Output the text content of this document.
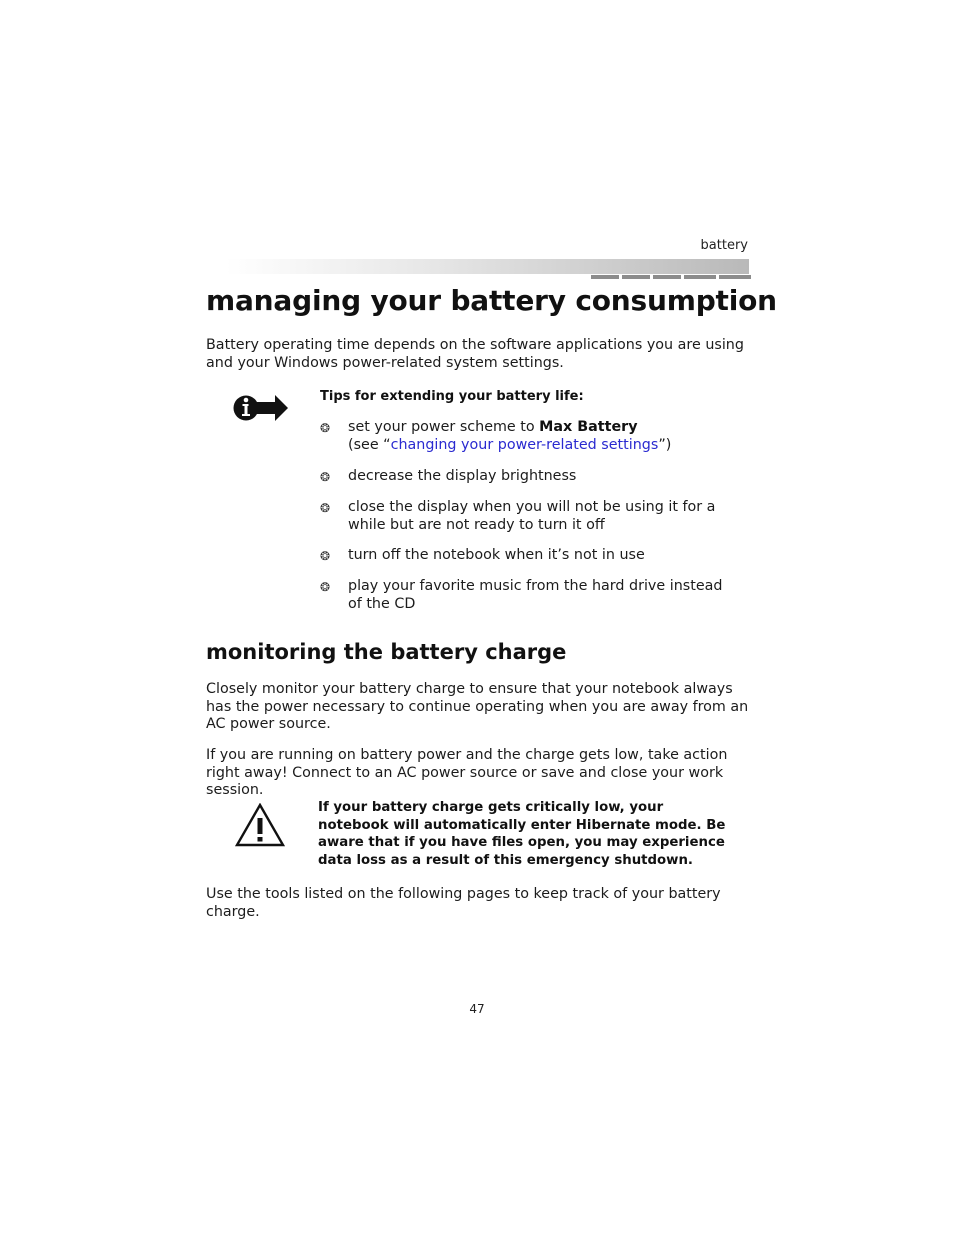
battery
managing your battery consumption

Battery operating time depends on the software applications you are using and your Windows power-related system settings.

Tips for extending your battery life:
❂ set your power scheme to Max Battery
(see “changing your power-related settings”)
❂ decrease the display brightness
❂ close the display when you will not be using it for a while but are not ready to turn it off
❂ turn off the notebook when it’s not in use
❂ play your favorite music from the hard drive instead of the CD
monitoring the battery charge

Closely monitor your battery charge to ensure that your notebook always has the power necessary to continue operating when you are away from an AC power source.

If you are running on battery power and the charge gets low, take action right away! Connect to an AC power source or save and close your work session.

If your battery charge gets critically low, your notebook will automatically enter Hibernate mode. Be aware that if you have files open, you may experience data loss as a result of this emergency shutdown.

Use the tools listed on the following pages to keep track of your battery charge.

47
